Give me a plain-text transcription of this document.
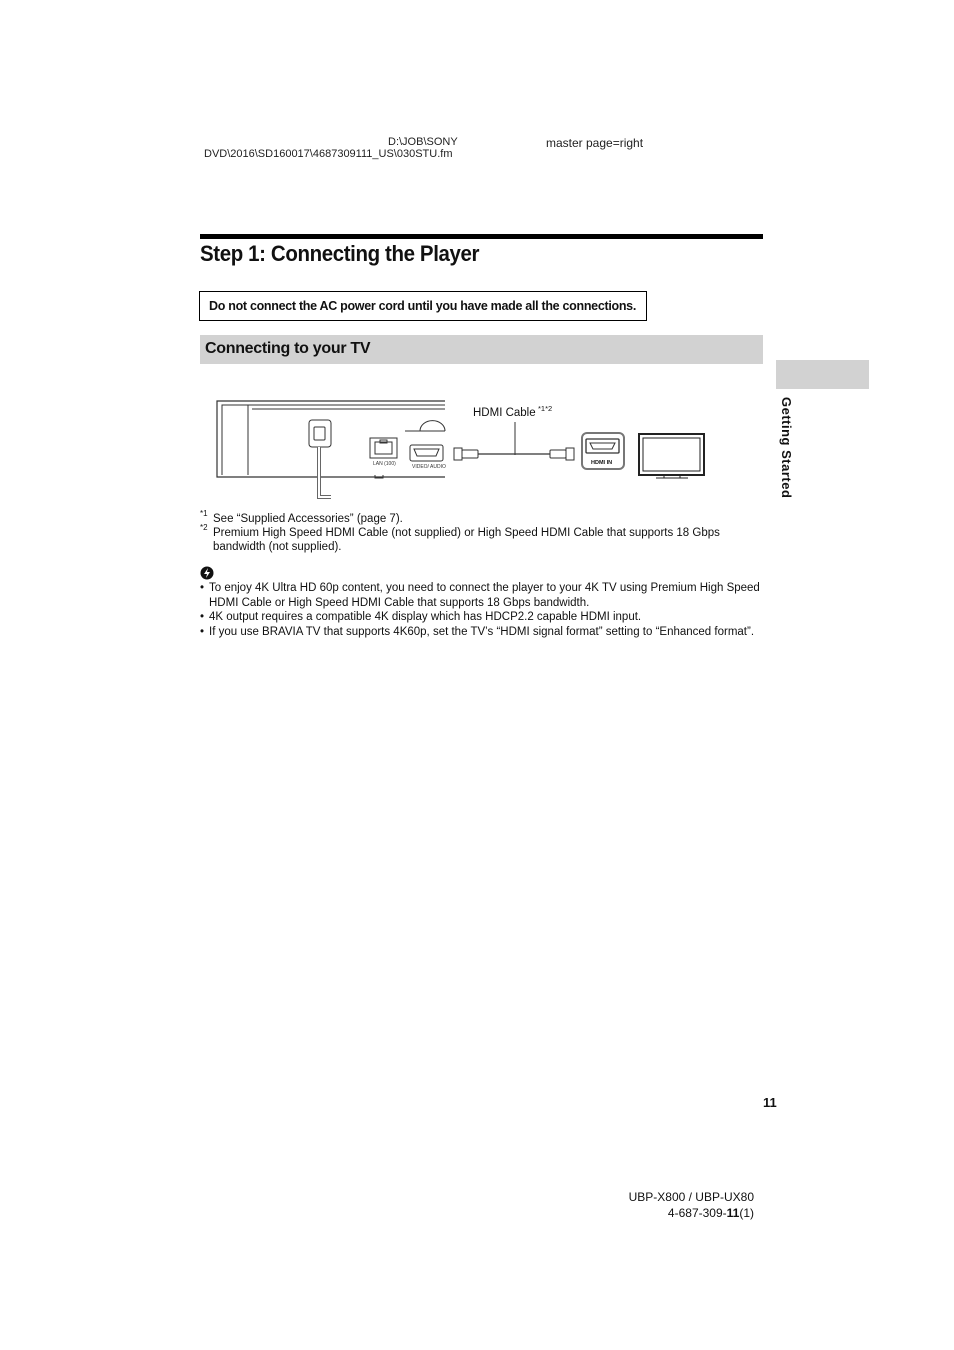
D:\JOB\SONY
DVD\2016\SD160017\4687309111_US\030STU.fm
master page=right
Step 1: Connecting the Player
Do not connect the AC power cord until you have made all the connections.
Connecting to your TV
Getting Started
LAN (100)	VIDEO/ AUDIO
HDMI Cable *1*2
HDMI IN
*1 See “Supplied Accessories” (page 7).
*2 Premium High Speed HDMI Cable (not supplied) or High Speed HDMI Cable that supports 18 Gbps bandwidth (not supplied).
• To enjoy 4K Ultra HD 60p content, you need to connect the player to your 4K TV using Premium High Speed HDMI Cable or High Speed HDMI Cable that supports 18 Gbps bandwidth.
• 4K output requires a compatible 4K display which has HDCP2.2 capable HDMI input.
• If you use BRAVIA TV that supports 4K60p, set the TV’s “HDMI signal format” setting to “Enhanced format”.
11
UBP-X800 / UBP-UX80
4-687-309-11(1)
